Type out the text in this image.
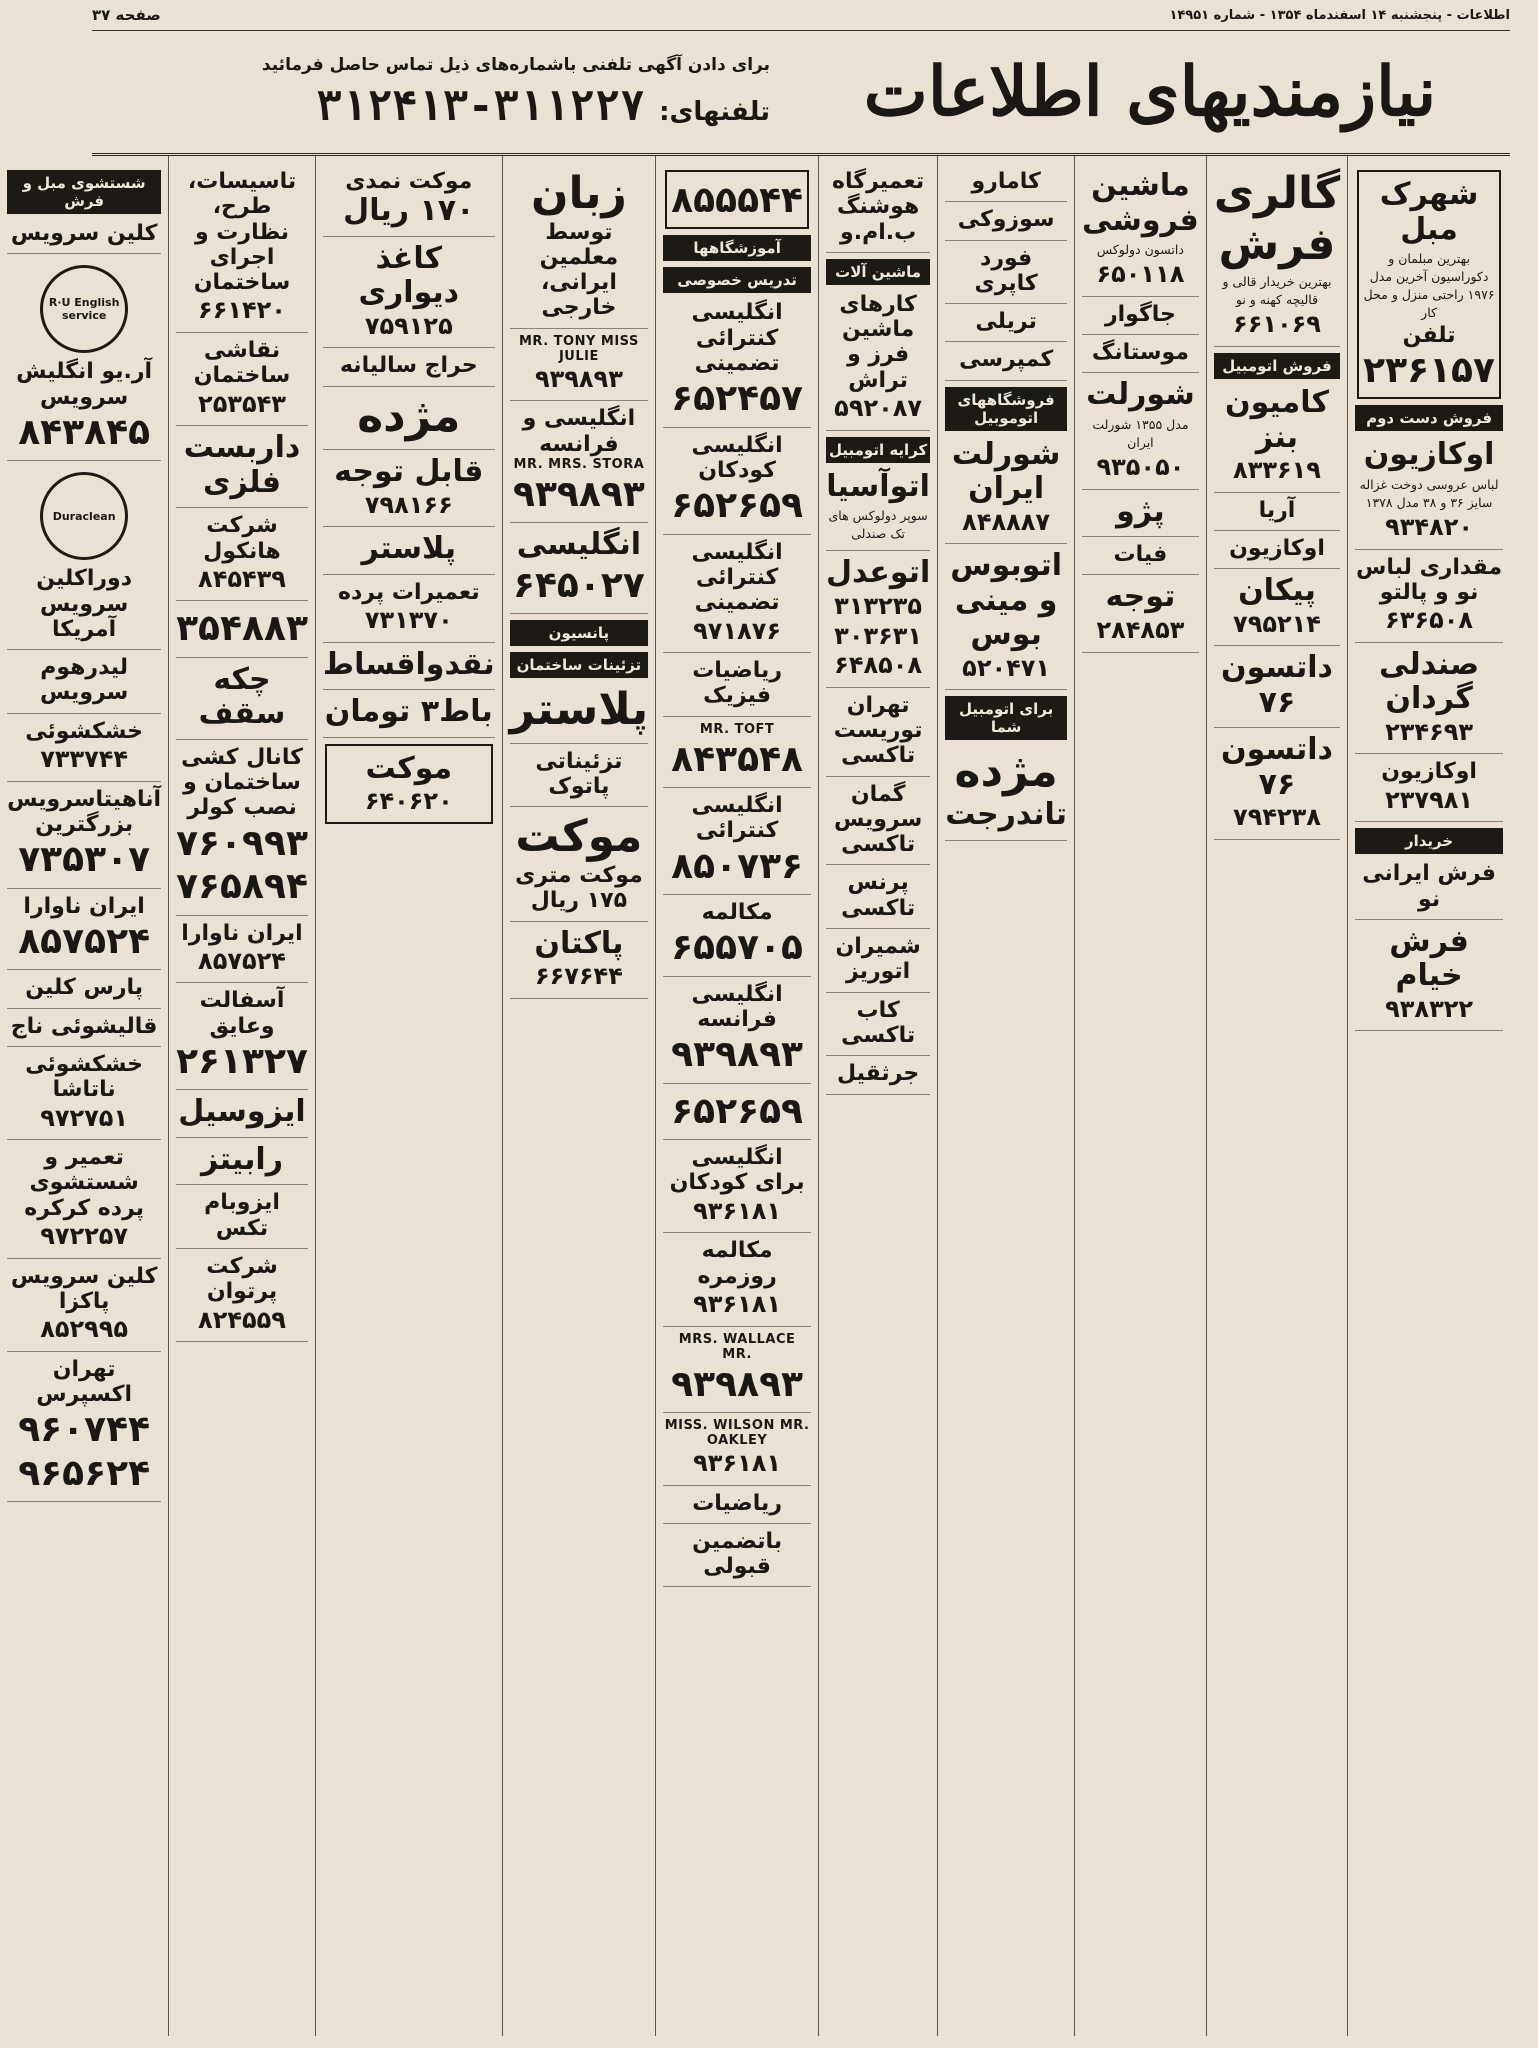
اطلاعات - پنجشنبه ۱۴ اسفندماه ۱۳۵۴ - شماره ۱۴۹۵۱
صفحه ۳۷
نیازمندیهای اطلاعات
برای دادن آگهی تلفنی باشماره‌های ذیل تماس حاصل فرمائید
تلفنهای:
۳۱۲۴۱۳-۳۱۱۲۲۷
شهرک مبل
بهترین مبلمان و دکوراسیون آخرین مدل ۱۹۷۶ راحتی منزل و محل کار
تلفن
۲۳۶۱۵۷
فروش دست دوم
اوکازیون
لباس عروسی دوخت غزاله سایز ۳۶ و ۳۸ مدل ۱۳۷۸
۹۳۴۸۲۰
مقداری لباس نو و پالتو
۶۳۶۵۰۸
صندلی گردان
۲۳۴۶۹۳
اوکازیون
۲۳۷۹۸۱
خریدار
فرش ایرانی نو
فرش خیام
۹۳۸۳۲۲
گالری فرش
بهترین خریدار قالی و قالیچه کهنه و نو
۶۶۱۰۶۹
فروش اتومبیل
کامیون بنز
۸۳۳۶۱۹
آریا
اوکازیون
پیکان
۷۹۵۲۱۴
داتسون ۷۶
داتسون ۷۶
۷۹۴۲۳۸
ماشین فروشی
داتسون دولوکس
۶۵۰۱۱۸
جاگوار
موستانگ
شورلت
مدل ۱۳۵۵ شورلت ایران
۹۳۵۰۵۰
پژو
فیات
توجه
۲۸۴۸۵۳
کامارو
سوزوکی
فورد کاپری
تریلی
کمپرسی
فروشگاههای اتوموبیل
شورلت ایران
۸۴۸۸۸۷
اتوبوس و مینی بوس
۵۲۰۴۷۱
برای اتومبیل شما
مژده
تاندرجت
تعمیرگاه هوشنگ
ب.ام.و
ماشین آلات
کارهای ماشین فرز و تراش
۵۹۲۰۸۷
کرایه اتومبیل
اتوآسیا
سوپر دولوکس های تک صندلی
اتوعدل
۳۱۳۲۳۵
۳۰۳۶۳۱
۶۴۸۵۰۸
تهران توریست تاکسی
گمان سرویس تاکسی
پرنس تاکسی
شمیران اتوریز
کاب تاکسی
جرثقیل
۸۵۵۵۴۴
آموزشگاهها
تدریس خصوصی
انگلیسی کنترائی تضمینی
۶۵۲۴۵۷
انگلیسی کودکان
۶۵۲۶۵۹
انگلیسی کنترائی تضمینی
۹۷۱۸۷۶
ریاضیات فیزیک
MR. TOFT
۸۴۳۵۴۸
انگلیسی کنترائی
۸۵۰۷۳۶
مکالمه
۶۵۵۷۰۵
انگلیسی فرانسه
۹۳۹۸۹۳
۶۵۲۶۵۹
انگلیسی برای کودکان
۹۳۶۱۸۱
مکالمه روزمره
۹۳۶۱۸۱
MRS. WALLACE MR.
۹۳۹۸۹۳
MISS. WILSON MR. OAKLEY
۹۳۶۱۸۱
ریاضیات
باتضمین قبولی
زبان
توسط معلمین ایرانی، خارجی
MR. TONY MISS JULIE
۹۳۹۸۹۳
انگلیسی و فرانسه
MR. MRS. STORA
۹۳۹۸۹۳
انگلیسی
۶۴۵۰۲۷
پانسیون
تزئینات ساختمان
پلاستر
تزئیناتی پاتوک
موکت
موکت متری ۱۷۵ ریال
پاکتان
۶۶۷۶۴۴
موکت نمدی
۱۷۰ ریال
کاغذ دیواری
۷۵۹۱۲۵
حراج سالیانه
مژده
قابل توجه
۷۹۸۱۶۶
پلاستر
تعمیرات پرده
۷۳۱۳۷۰
نقدواقساط
باط۳ تومان
موکت
۶۴۰۶۲۰
تاسیسات، طرح، نظارت و اجرای ساختمان
۶۶۱۴۲۰
نقاشی ساختمان
۲۵۳۵۴۳
داربست فلزی
شرکت هانکول
۸۴۵۴۳۹
۳۵۴۸۸۳
چکه سقف
کانال کشی ساختمان و نصب کولر
۷۶۰۹۹۳
۷۶۵۸۹۴
ایران ناوارا
۸۵۷۵۲۴
آسفالت وعایق
۲۶۱۳۲۷
ایزوسیل
رابیتز
ایزوبام تکس
شرکت پرتوان
۸۲۴۵۵۹
شستشوی مبل و فرش
کلین سرویس
R·U English service
آر.یو انگلیش سرویس
۸۴۳۸۴۵
Duraclean
دوراکلین سرویس آمریکا
لیدرهوم سرویس
خشکشوئی
۷۳۳۷۴۴
آناهیتاسرویس بزرگترین
۷۳۵۳۰۷
ایران ناوارا
۸۵۷۵۲۴
پارس کلین
قالیشوئی ناج
خشکشوئی ناتاشا
۹۷۲۷۵۱
تعمیر و شستشوی پرده کرکره
۹۷۲۲۵۷
کلین سرویس پاکزا
۸۵۲۹۹۵
تهران اکسپرس
۹۶۰۷۴۴
۹۶۵۶۲۴
